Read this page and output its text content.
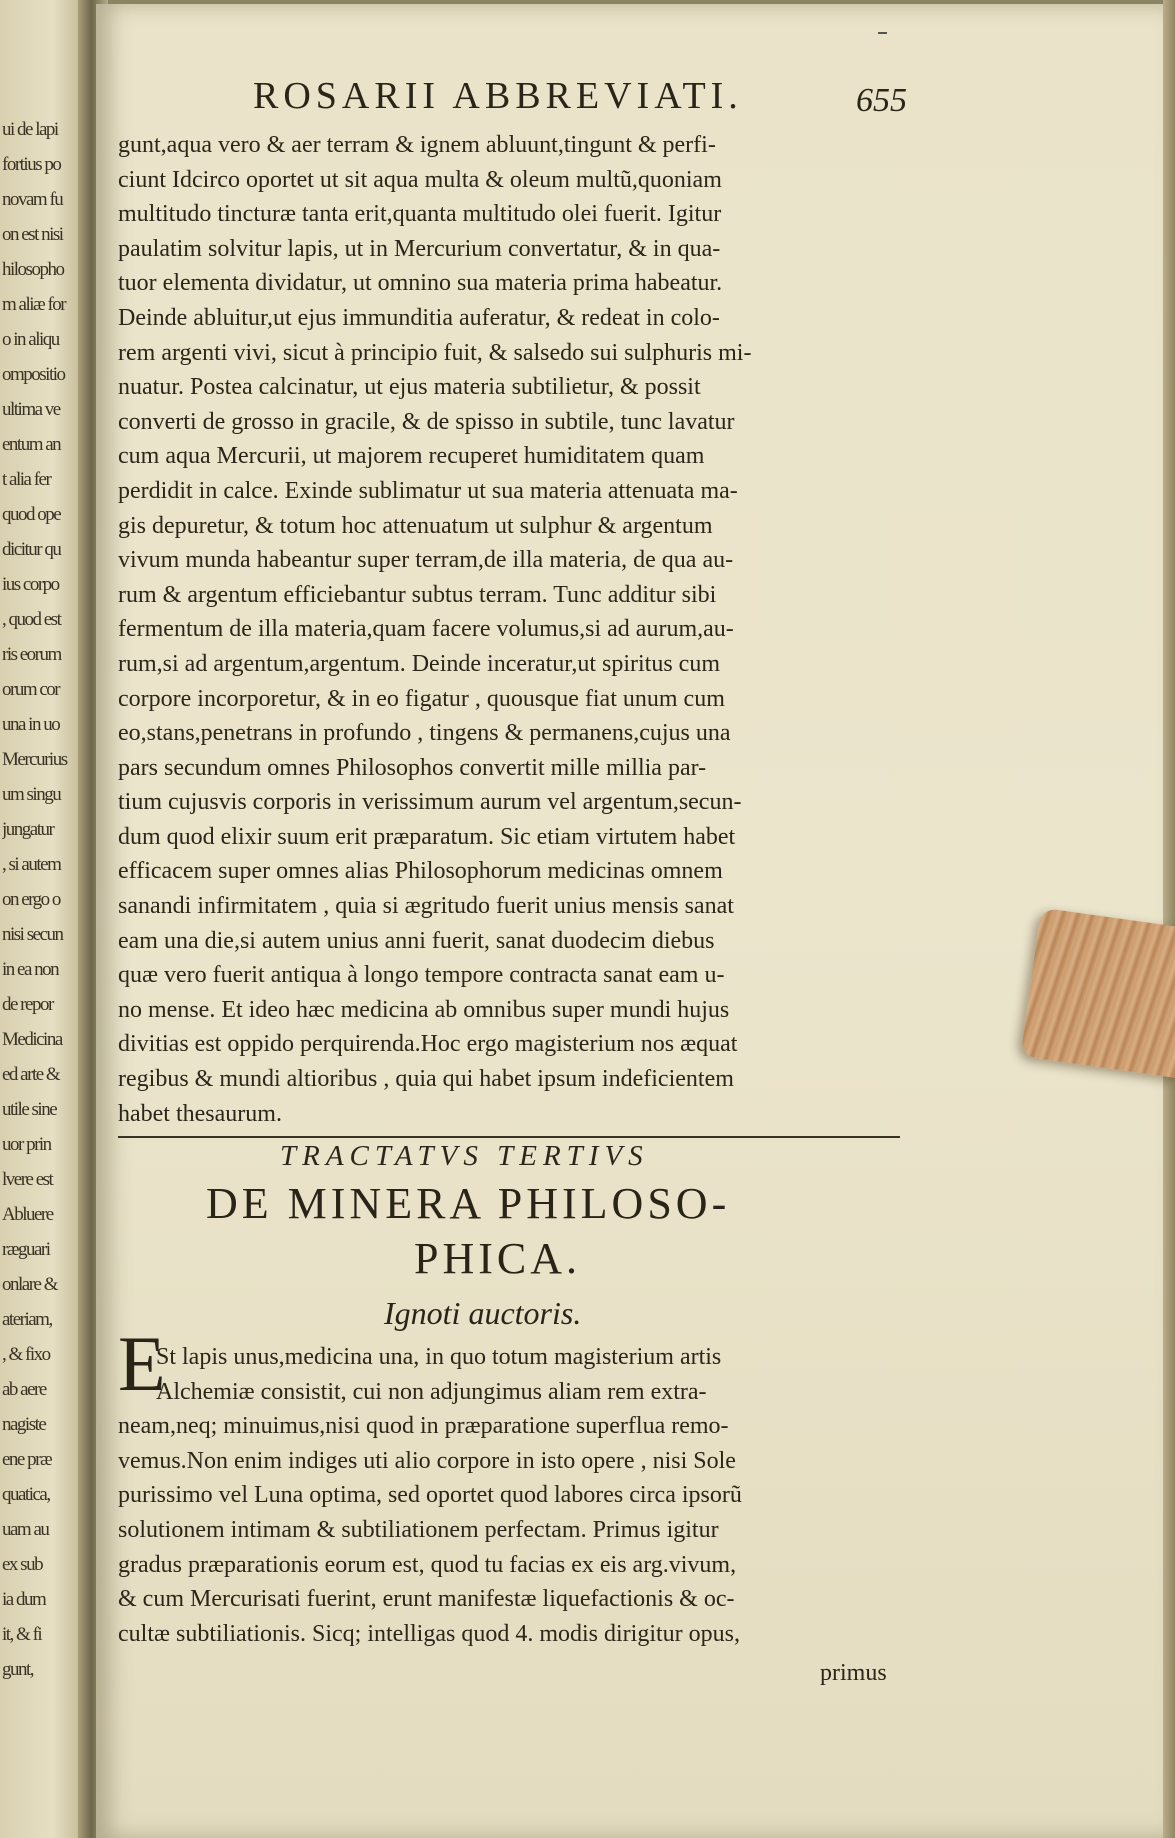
ui de lapi
fortius po
novam fu
on est nisi
hilosopho
m aliæ for
o in aliqu
ompositio
ultima ve
entum an
t alia fer
quod ope
dicitur qu
ius corpo
, quod est
ris eorum
orum cor
una in uo
Mercurius
um singu
jungatur
, si autem
on ergo o
nisi secun
in ea non
de repor
Medicina
ed arte &
utile sine
uor prin
lvere est
Abluere
ræguari
onlare &
ateriam,
, & fixo
ab aere
nagiste
ene præ
quatica,
uam au
ex sub
ia dum
it, & fi
gunt,
ROSARII ABBREVIATI.	655
gunt,aqua vero & aer terram & ignem abluunt,tingunt & perfi-
ciunt Idcirco oportet ut sit aqua multa & oleum multũ,quoniam
multitudo tincturæ tanta erit,quanta multitudo olei fuerit. Igitur
paulatim solvitur lapis, ut in Mercurium convertatur, & in qua-
tuor elementa dividatur, ut omnino sua materia prima habeatur.
Deinde abluitur,ut ejus immunditia auferatur, & redeat in colo-
rem argenti vivi, sicut à principio fuit, & salsedo sui sulphuris mi-
nuatur. Postea calcinatur, ut ejus materia subtilietur, & possit
converti de grosso in gracile, & de spisso in subtile, tunc lavatur
cum aqua Mercurii, ut majorem recuperet humiditatem quam
perdidit in calce. Exinde sublimatur ut sua materia attenuata ma-
gis depuretur, & totum hoc attenuatum ut sulphur & argentum
vivum munda habeantur super terram,de illa materia, de qua au-
rum & argentum efficiebantur subtus terram. Tunc additur sibi
fermentum de illa materia,quam facere volumus,si ad aurum,au-
rum,si ad argentum,argentum. Deinde inceratur,ut spiritus cum
corpore incorporetur, & in eo figatur , quousque fiat unum cum
eo,stans,penetrans in profundo , tingens & permanens,cujus una
pars secundum omnes Philosophos convertit mille millia par-
tium cujusvis corporis in verissimum aurum vel argentum,secun-
dum quod elixir suum erit præparatum. Sic etiam virtutem habet
efficacem super omnes alias Philosophorum medicinas omnem
sanandi infirmitatem , quia si ægritudo fuerit unius mensis sanat
eam una die,si autem unius anni fuerit, sanat duodecim diebus
quæ vero fuerit antiqua à longo tempore contracta sanat eam u-
no mense. Et ideo hæc medicina ab omnibus super mundi hujus
divitias est oppido perquirenda.Hoc ergo magisterium nos æquat
regibus & mundi altioribus , quia qui habet ipsum indeficientem
habet thesaurum.
TRACTATVS TERTIVS
DE MINERA PHILOSO-
PHICA.
Ignoti auctoris.
E
St lapis unus,medicina una, in quo totum magisterium artis
Alchemiæ consistit, cui non adjungimus aliam rem extra-
neam,neq; minuimus,nisi quod in præparatione superflua remo-
vemus.Non enim indiges uti alio corpore in isto opere , nisi Sole
purissimo vel Luna optima, sed oportet quod labores circa ipsorũ
solutionem intimam & subtiliationem perfectam. Primus igitur
gradus præparationis eorum est, quod tu facias ex eis arg.vivum,
& cum Mercurisati fuerint, erunt manifestæ liquefactionis & oc-
cultæ subtiliationis. Sicq; intelligas quod 4. modis dirigitur opus,
primus
